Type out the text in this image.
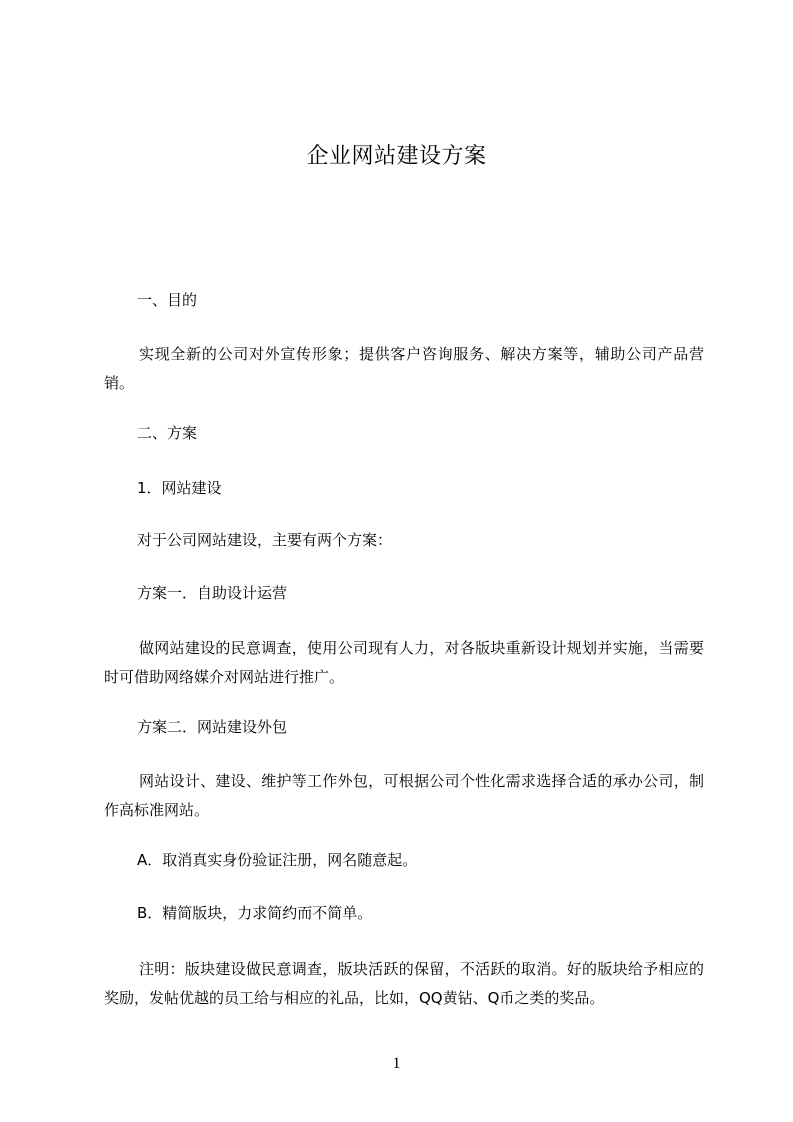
企业网站建设方案
一、目的
实现全新的公司对外宣传形象；提供客户咨询服务、解决方案等，辅助公司产品营销。
二、方案
1．网站建设
对于公司网站建设，主要有两个方案：
方案一．自助设计运营
做网站建设的民意调查，使用公司现有人力，对各版块重新设计规划并实施，当需要时可借助网络媒介对网站进行推广。
方案二．网站建设外包
网站设计、建设、维护等工作外包，可根据公司个性化需求选择合适的承办公司，制作高标准网站。
A．取消真实身份验证注册，网名随意起。
B．精简版块，力求简约而不简单。
注明：版块建设做民意调查，版块活跃的保留，不活跃的取消。好的版块给予相应的奖励，发帖优越的员工给与相应的礼品，比如，QQ黄钻、Q币之类的奖品。
1
